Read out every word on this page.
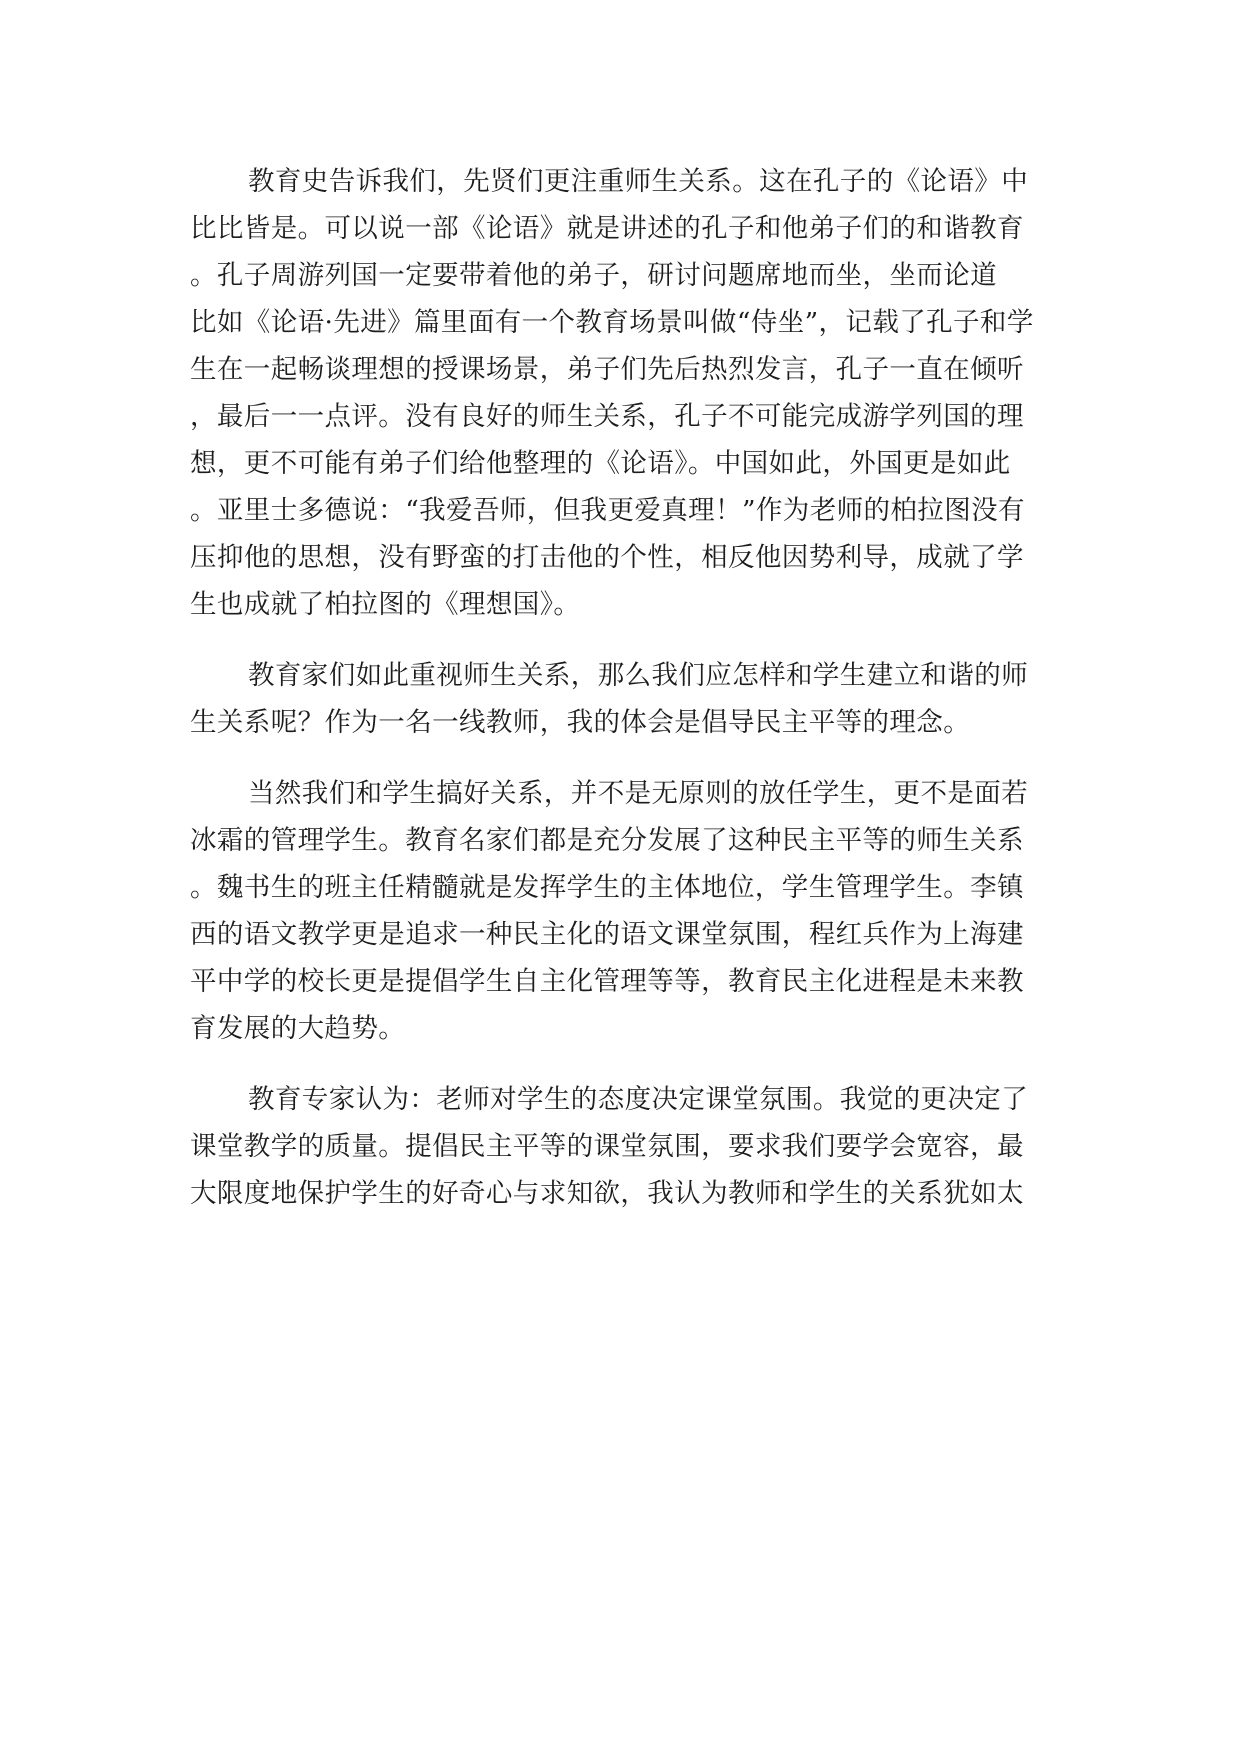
教育史告诉我们，先贤们更注重师生关系。这在孔子的《论语》中
比比皆是。可以说一部《论语》就是讲述的孔子和他弟子们的和谐教育
。孔子周游列国一定要带着他的弟子，研讨问题席地而坐，坐而论道
比如《论语·先进》篇里面有一个教育场景叫做“侍坐”，记载了孔子和学
生在一起畅谈理想的授课场景，弟子们先后热烈发言，孔子一直在倾听
，最后一一点评。没有良好的师生关系，孔子不可能完成游学列国的理
想，更不可能有弟子们给他整理的《论语》。中国如此，外国更是如此
。亚里士多德说：“我爱吾师，但我更爱真理！”作为老师的柏拉图没有
压抑他的思想，没有野蛮的打击他的个性，相反他因势利导，成就了学
生也成就了柏拉图的《理想国》。
教育家们如此重视师生关系，那么我们应怎样和学生建立和谐的师
生关系呢？作为一名一线教师，我的体会是倡导民主平等的理念。
当然我们和学生搞好关系，并不是无原则的放任学生，更不是面若
冰霜的管理学生。教育名家们都是充分发展了这种民主平等的师生关系
。魏书生的班主任精髓就是发挥学生的主体地位，学生管理学生。李镇
西的语文教学更是追求一种民主化的语文课堂氛围，程红兵作为上海建
平中学的校长更是提倡学生自主化管理等等，教育民主化进程是未来教
育发展的大趋势。
教育专家认为：老师对学生的态度决定课堂氛围。我觉的更决定了
课堂教学的质量。提倡民主平等的课堂氛围，要求我们要学会宽容，最
大限度地保护学生的好奇心与求知欲，我认为教师和学生的关系犹如太
